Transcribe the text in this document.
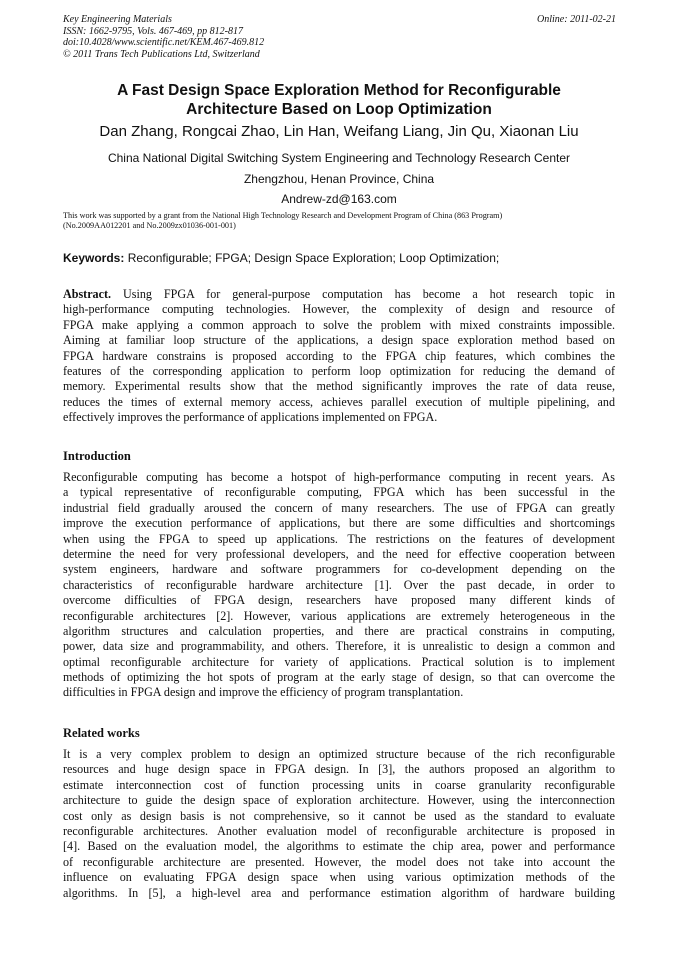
Key Engineering Materials
ISSN: 1662-9795, Vols. 467-469, pp 812-817
doi:10.4028/www.scientific.net/KEM.467-469.812
© 2011 Trans Tech Publications Ltd, Switzerland
Online: 2011-02-21
A Fast Design Space Exploration Method for Reconfigurable
Architecture Based on Loop Optimization
Dan Zhang, Rongcai Zhao, Lin Han, Weifang Liang, Jin Qu, Xiaonan Liu
China National Digital Switching System Engineering and Technology Research Center
Zhengzhou, Henan Province, China
Andrew-zd@163.com
This work was supported by a grant from the National High Technology Research and Development Program of China (863 Program)
(No.2009AA012201 and No.2009zx01036-001-001)
Keywords: Reconfigurable; FPGA; Design Space Exploration; Loop Optimization;
Abstract. Using FPGA for general-purpose computation has become a hot research topic in
high-performance computing technologies. However, the complexity of design and resource of
FPGA make applying a common approach to solve the problem with mixed constraints impossible.
Aiming at familiar loop structure of the applications, a design space exploration method based on
FPGA hardware constrains is proposed according to the FPGA chip features, which combines the
features of the corresponding application to perform loop optimization for reducing the demand of
memory. Experimental results show that the method significantly improves the rate of data reuse,
reduces the times of external memory access, achieves parallel execution of multiple pipelining, and
effectively improves the performance of applications implemented on FPGA.
Introduction
Reconfigurable computing has become a hotspot of high-performance computing in recent years. As
a typical representative of reconfigurable computing, FPGA which has been successful in the
industrial field gradually aroused the concern of many researchers. The use of FPGA can greatly
improve the execution performance of applications, but there are some difficulties and shortcomings
when using the FPGA to speed up applications. The restrictions on the features of development
determine the need for very professional developers, and the need for effective cooperation between
system engineers, hardware and software programmers for co-development depending on the
characteristics of reconfigurable hardware architecture [1]. Over the past decade, in order to
overcome difficulties of FPGA design, researchers have proposed many different kinds of
reconfigurable architectures [2]. However, various applications are extremely heterogeneous in the
algorithm structures and calculation properties, and there are practical constrains in computing,
power, data size and programmability, and others. Therefore, it is unrealistic to design a common and
optimal reconfigurable architecture for variety of applications. Practical solution is to implement
methods of optimizing the hot spots of program at the early stage of design, so that can overcome the
difficulties in FPGA design and improve the efficiency of program transplantation.
Related works
It is a very complex problem to design an optimized structure because of the rich reconfigurable
resources and huge design space in FPGA design. In [3], the authors proposed an algorithm to
estimate interconnection cost of function processing units in coarse granularity reconfigurable
architecture to guide the design space of exploration architecture. However, using the interconnection
cost only as design basis is not comprehensive, so it cannot be used as the standard to evaluate
reconfigurable architectures. Another evaluation model of reconfigurable architecture is proposed in
[4]. Based on the evaluation model, the algorithms to estimate the chip area, power and performance
of reconfigurable architecture are presented. However, the model does not take into account the
influence on evaluating FPGA design space when using various optimization methods of the
algorithms. In [5], a high-level area and performance estimation algorithm of hardware building
